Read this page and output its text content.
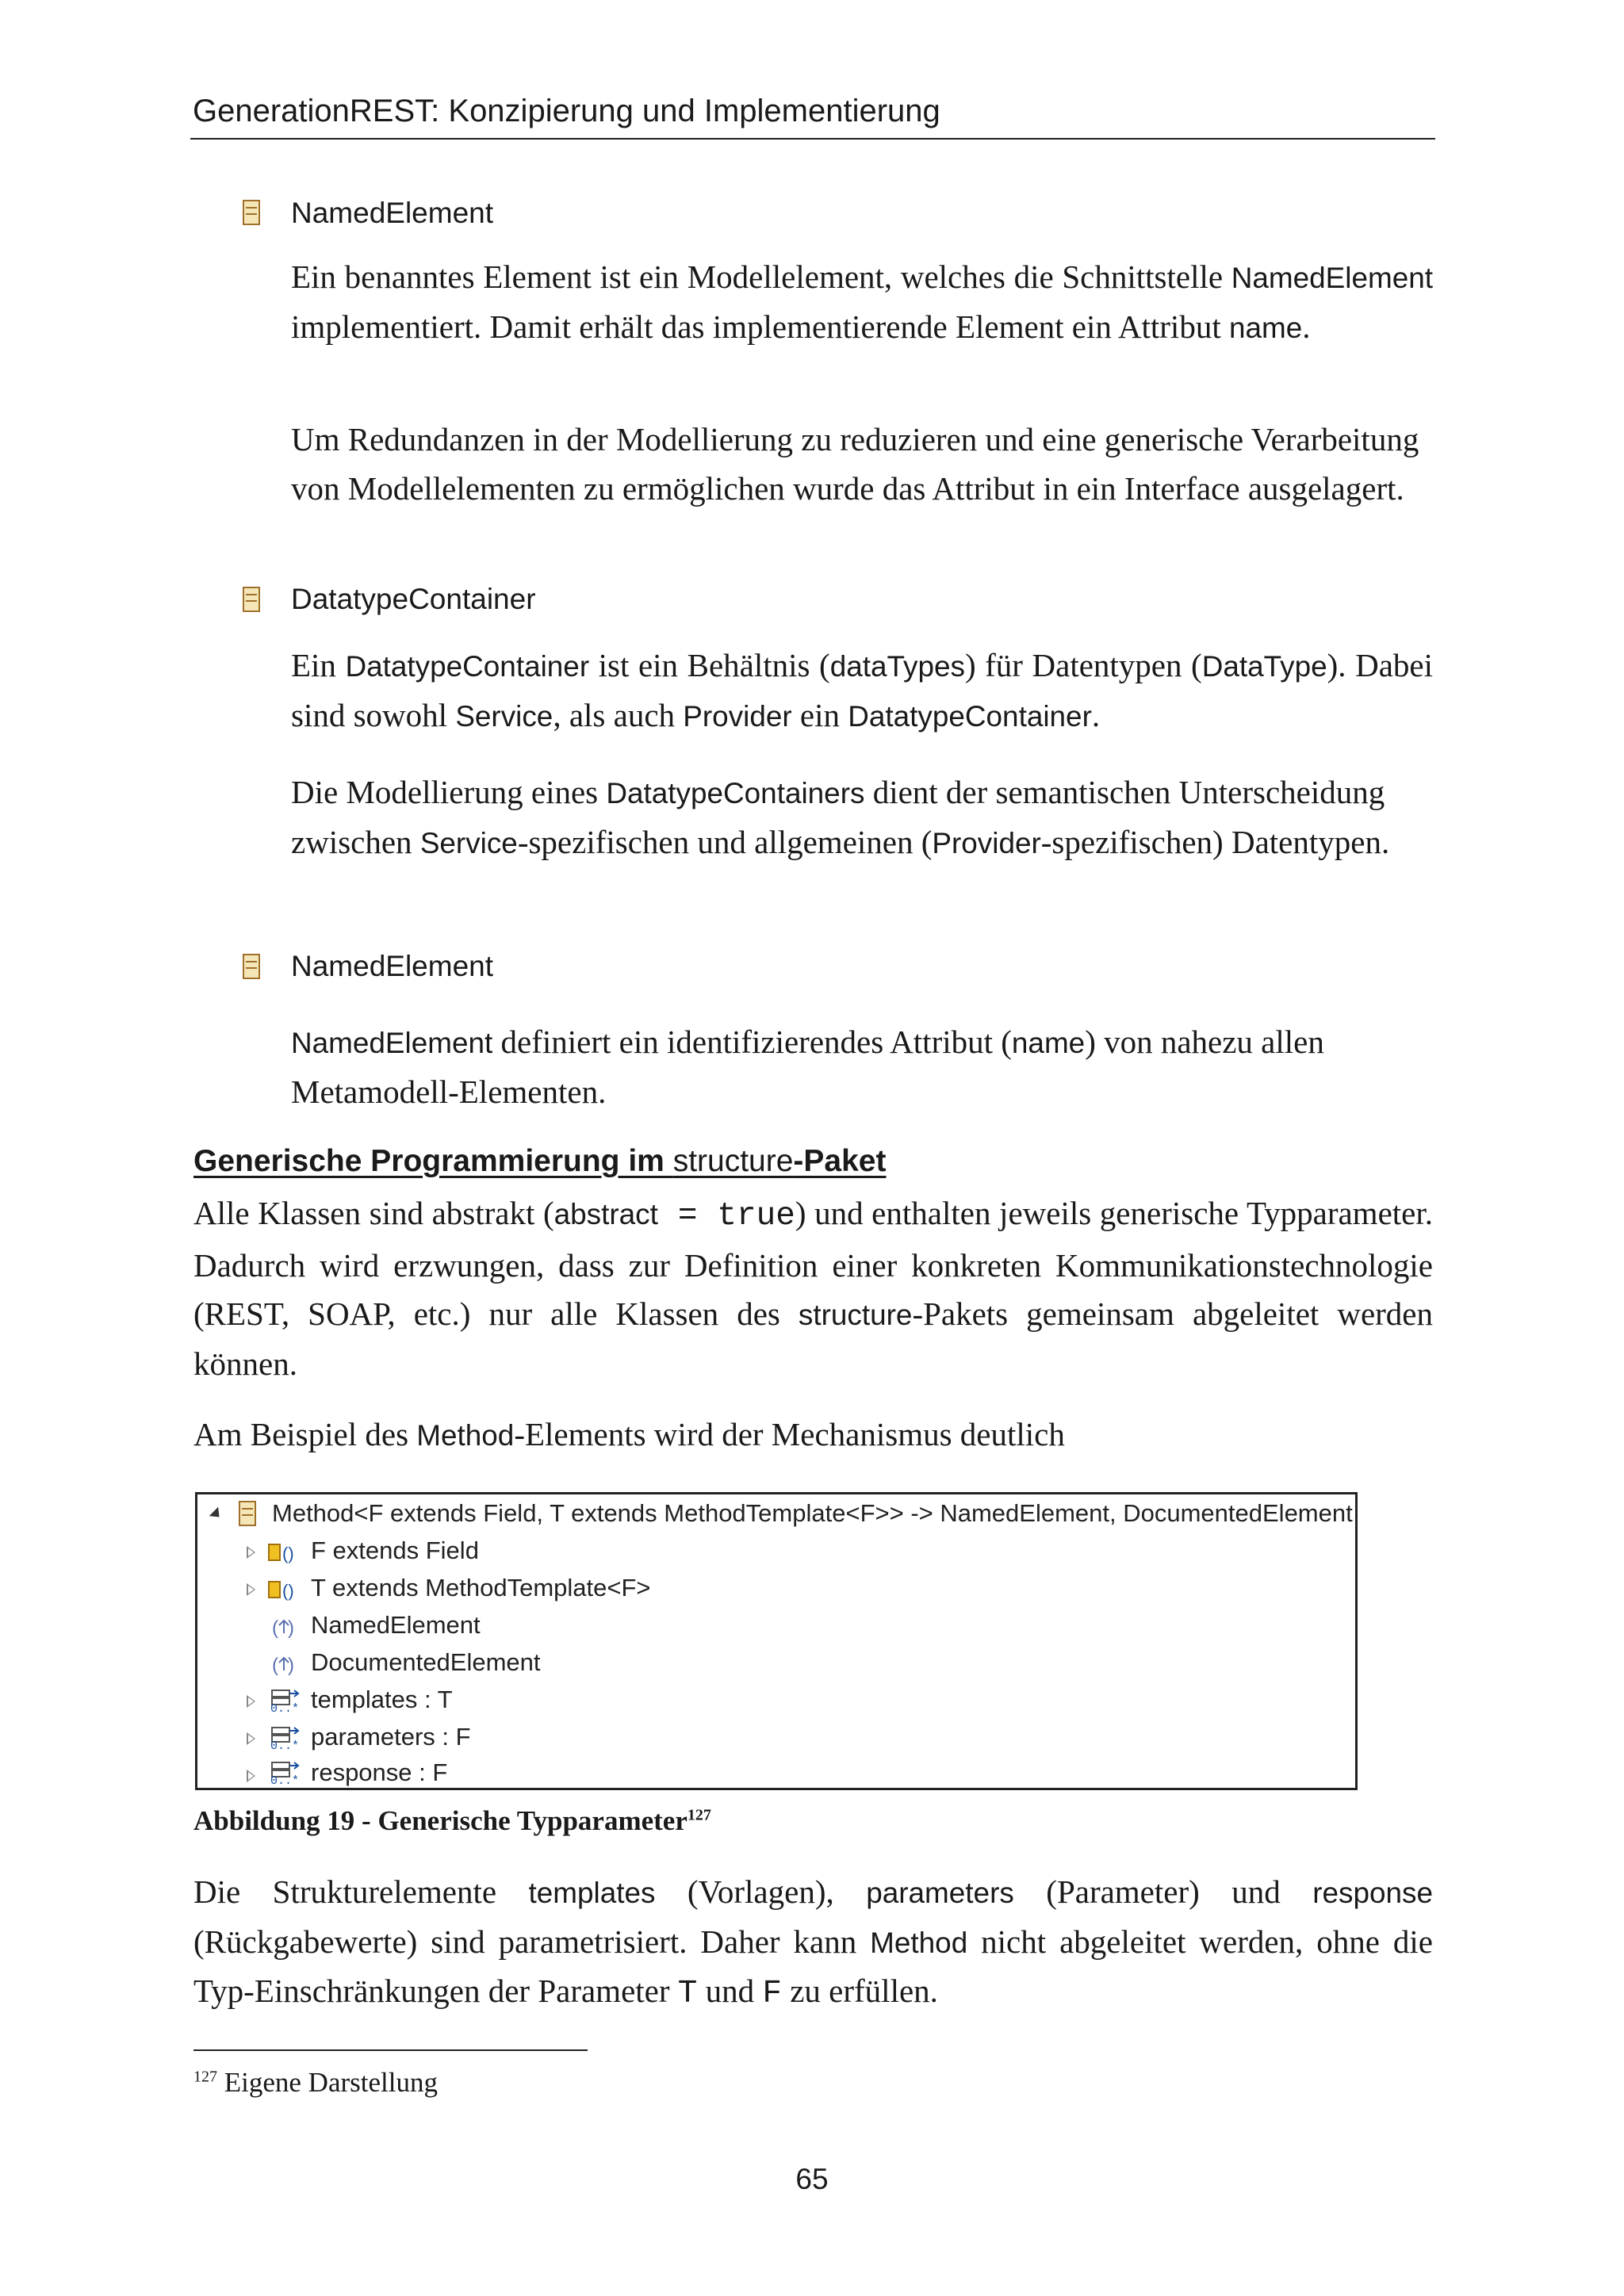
GenerationREST: Konzipierung und Implementierung
NamedElement
Ein benanntes Element ist ein Modellelement, welches die Schnittstelle NamedElement implementiert. Damit erhält das implementierende Element ein Attribut name.
Um Redundanzen in der Modellierung zu reduzieren und eine generische Verarbeitung von Modellelementen zu ermöglichen wurde das Attribut in ein Interface ausgelagert.
DatatypeContainer
Ein DatatypeContainer ist ein Behältnis (dataTypes) für Datentypen (DataType). Dabei sind sowohl Service, als auch Provider ein DatatypeContainer.
Die Modellierung eines DatatypeContainers dient der semantischen Unterscheidung zwischen Service-spezifischen und allgemeinen (Provider-spezifischen) Datentypen.
NamedElement
NamedElement definiert ein identifizierendes Attribut (name) von nahezu allen Metamodell-Elementen.
Generische Programmierung im structure-Paket
Alle Klassen sind abstrakt (abstract = true) und enthalten jeweils generische Typparameter. Dadurch wird erzwungen, dass zur Definition einer konkreten Kommunikationstechnologie (REST, SOAP, etc.) nur alle Klassen des structure-Pakets gemeinsam abgeleitet werden können.
Am Beispiel des Method-Elements wird der Mechanismus deutlich
Method<F extends Field, T extends MethodTemplate<F>> -> NamedElement, DocumentedElement
() F extends Field
() T extends MethodTemplate<F>
( ) NamedElement
( ) DocumentedElement
0..* templates : T
0..* parameters : F
0..* response : F
Abbildung 19 - Generische Typparameter$^{127}$
Die Strukturelemente templates (Vorlagen), parameters (Parameter) und response (Rückgabewerte) sind parametrisiert. Daher kann Method nicht abgeleitet werden, ohne die Typ-Einschränkungen der Parameter T und F zu erfüllen.
$^{127}$ Eigene Darstellung
65
